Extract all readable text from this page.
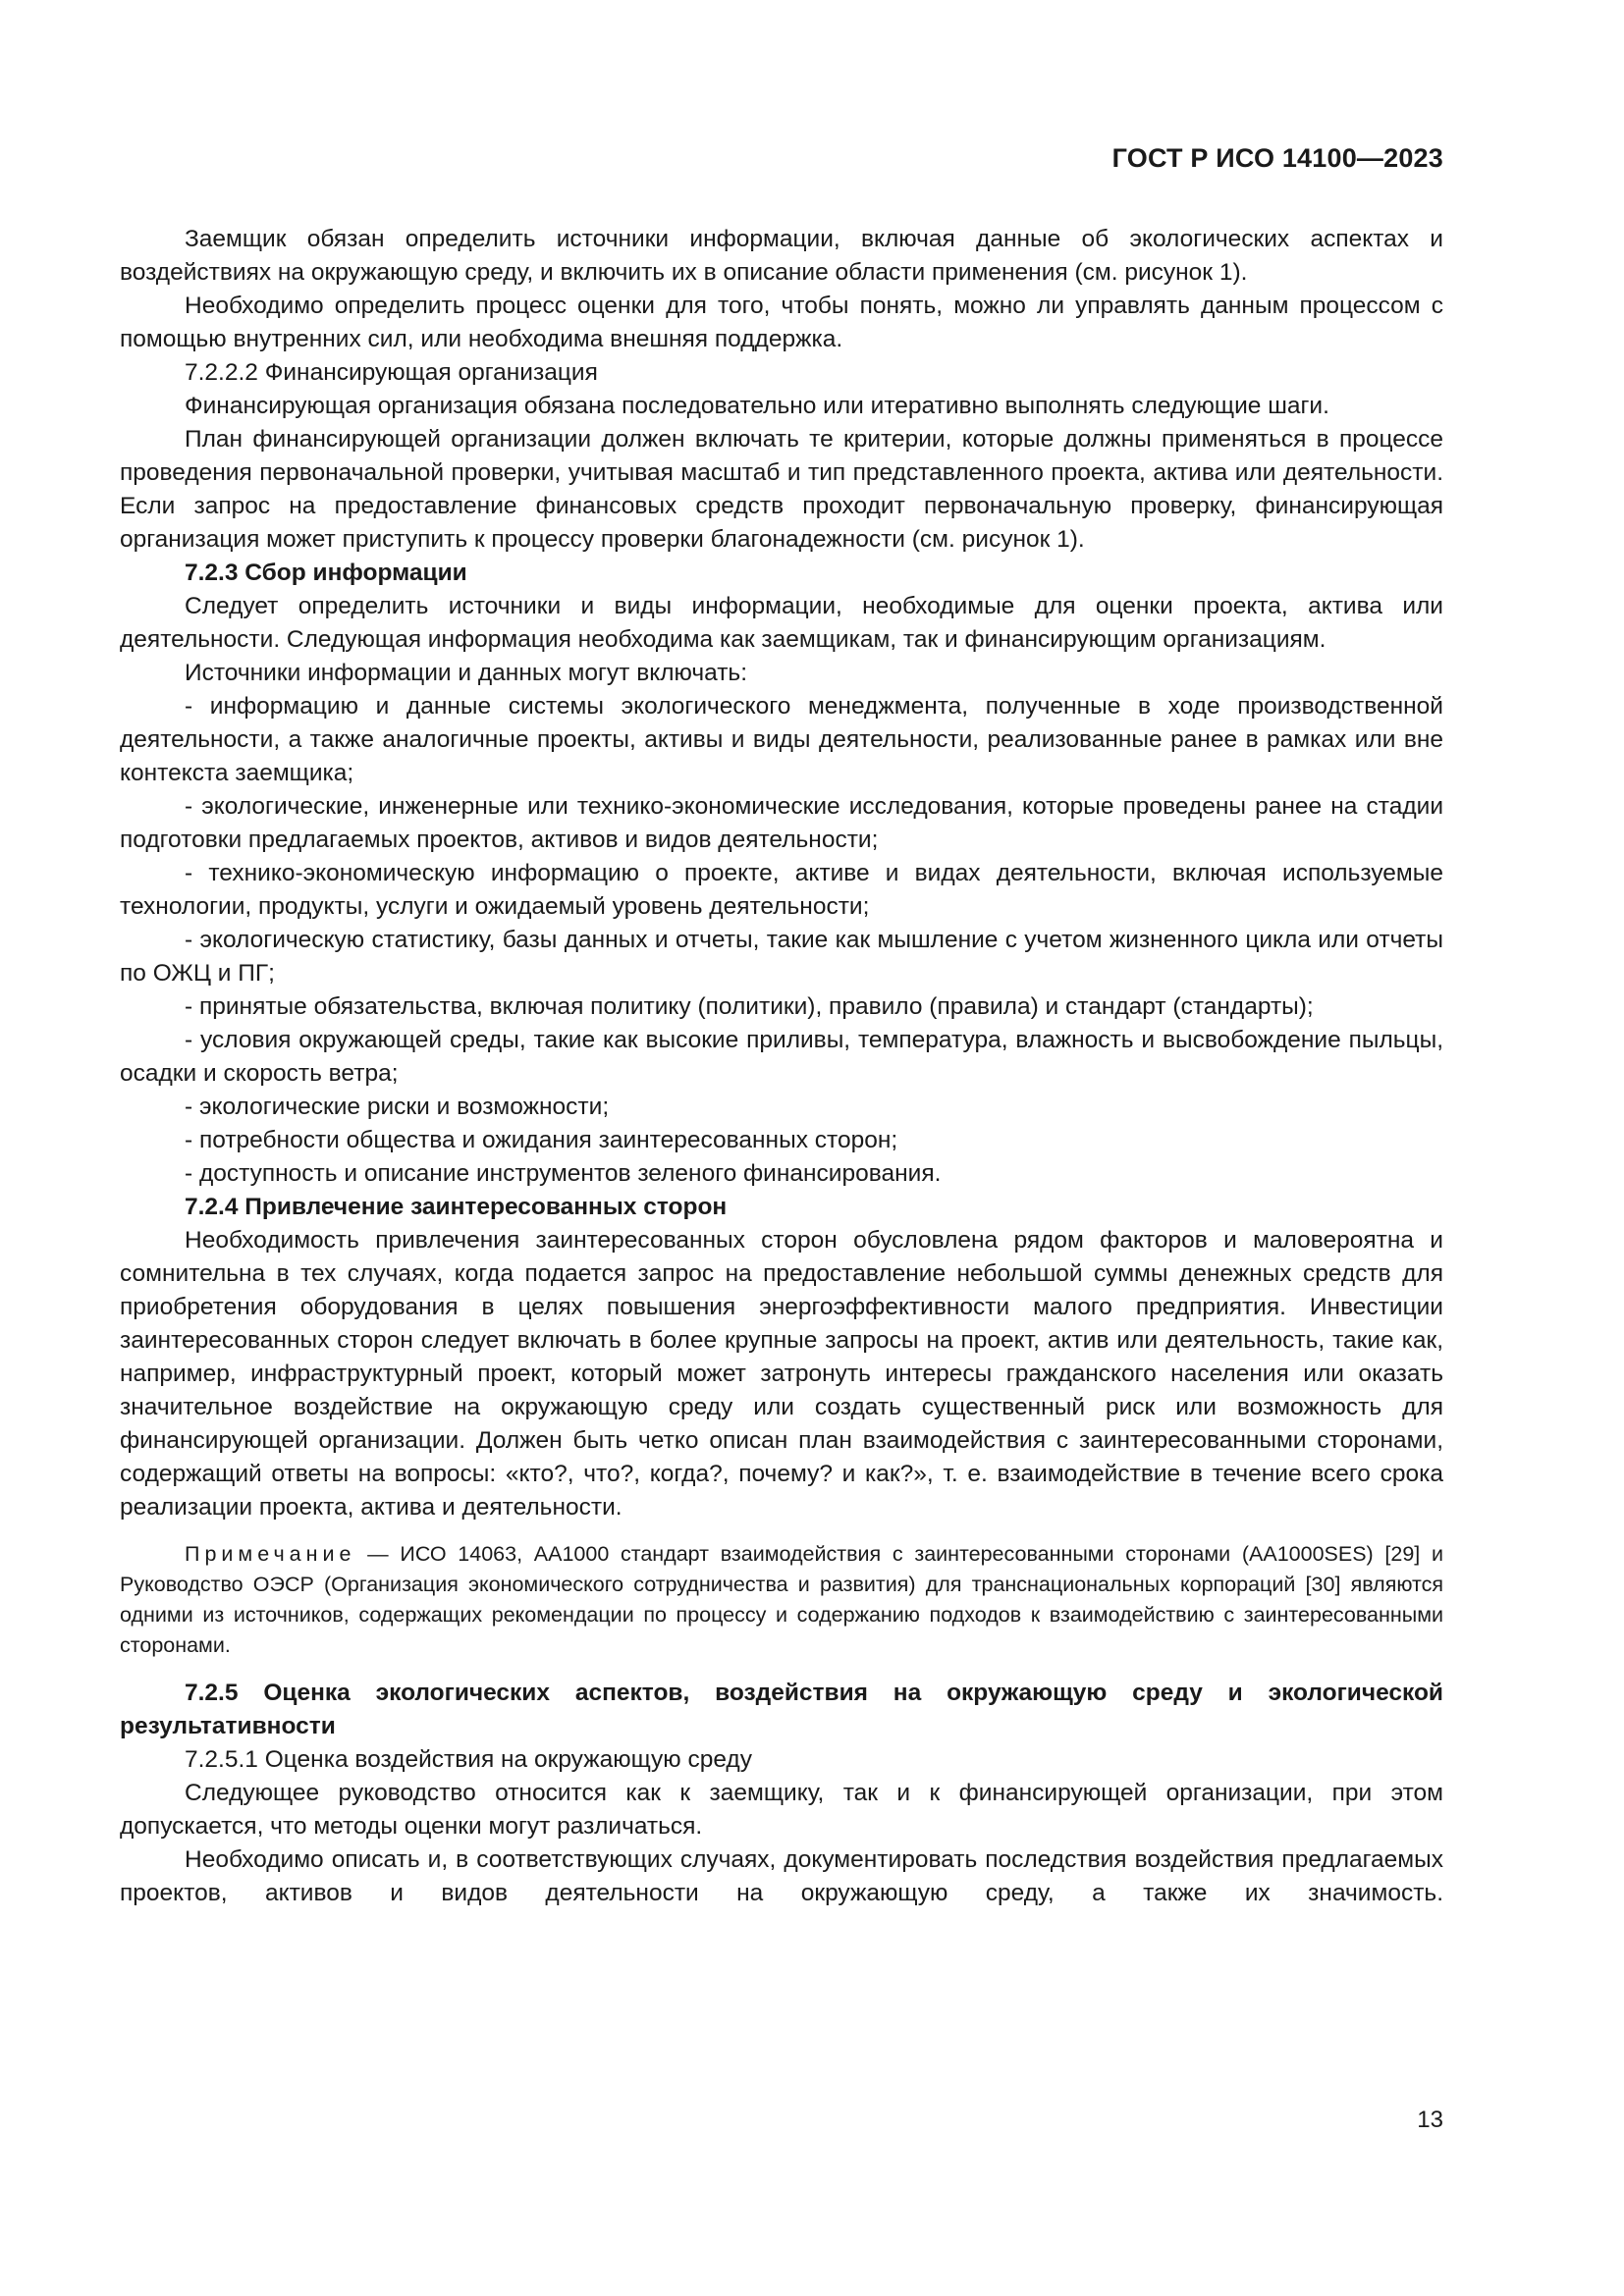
ГОСТ Р ИСО 14100—2023

Заемщик обязан определить источники информации, включая данные об экологических аспектах и воздействиях на окружающую среду, и включить их в описание области применения (см. рисунок 1).

Необходимо определить процесс оценки для того, чтобы понять, можно ли управлять данным процессом с помощью внутренних сил, или необходима внешняя поддержка.

7.2.2.2 Финансирующая организация

Финансирующая организация обязана последовательно или итеративно выполнять следующие шаги.

План финансирующей организации должен включать те критерии, которые должны применяться в процессе проведения первоначальной проверки, учитывая масштаб и тип представленного проекта, актива или деятельности. Если запрос на предоставление финансовых средств проходит первоначальную проверку, финансирующая организация может приступить к процессу проверки благонадежности (см. рисунок 1).

7.2.3 Сбор информации

Следует определить источники и виды информации, необходимые для оценки проекта, актива или деятельности. Следующая информация необходима как заемщикам, так и финансирующим организациям.

Источники информации и данных могут включать:

- информацию и данные системы экологического менеджмента, полученные в ходе производственной деятельности, а также аналогичные проекты, активы и виды деятельности, реализованные ранее в рамках или вне контекста заемщика;

- экологические, инженерные или технико-экономические исследования, которые проведены ранее на стадии подготовки предлагаемых проектов, активов и видов деятельности;

- технико-экономическую информацию о проекте, активе и видах деятельности, включая используемые технологии, продукты, услуги и ожидаемый уровень деятельности;

- экологическую статистику, базы данных и отчеты, такие как мышление с учетом жизненного цикла или отчеты по ОЖЦ и ПГ;

- принятые обязательства, включая политику (политики), правило (правила) и стандарт (стандарты);

- условия окружающей среды, такие как высокие приливы, температура, влажность и высвобождение пыльцы, осадки и скорость ветра;

- экологические риски и возможности;

- потребности общества и ожидания заинтересованных сторон;

- доступность и описание инструментов зеленого финансирования.

7.2.4 Привлечение заинтересованных сторон

Необходимость привлечения заинтересованных сторон обусловлена рядом факторов и маловероятна и сомнительна в тех случаях, когда подается запрос на предоставление небольшой суммы денежных средств для приобретения оборудования в целях повышения энергоэффективности малого предприятия. Инвестиции заинтересованных сторон следует включать в более крупные запросы на проект, актив или деятельность, такие как, например, инфраструктурный проект, который может затронуть интересы гражданского населения или оказать значительное воздействие на окружающую среду или создать существенный риск или возможность для финансирующей организации. Должен быть четко описан план взаимодействия с заинтересованными сторонами, содержащий ответы на вопросы: «кто?, что?, когда?, почему? и как?», т. е. взаимодействие в течение всего срока реализации проекта, актива и деятельности.

Примечание — ИСО 14063, AA1000 стандарт взаимодействия с заинтересованными сторонами (AA1000SES) [29] и Руководство ОЭСР (Организация экономического сотрудничества и развития) для транснациональных корпораций [30] являются одними из источников, содержащих рекомендации по процессу и содержанию подходов к взаимодействию с заинтересованными сторонами.

7.2.5 Оценка экологических аспектов, воздействия на окружающую среду и экологической результативности

7.2.5.1 Оценка воздействия на окружающую среду

Следующее руководство относится как к заемщику, так и к финансирующей организации, при этом допускается, что методы оценки могут различаться.

Необходимо описать и, в соответствующих случаях, документировать последствия воздействия предлагаемых проектов, активов и видов деятельности на окружающую среду, а также их значимость.

13
